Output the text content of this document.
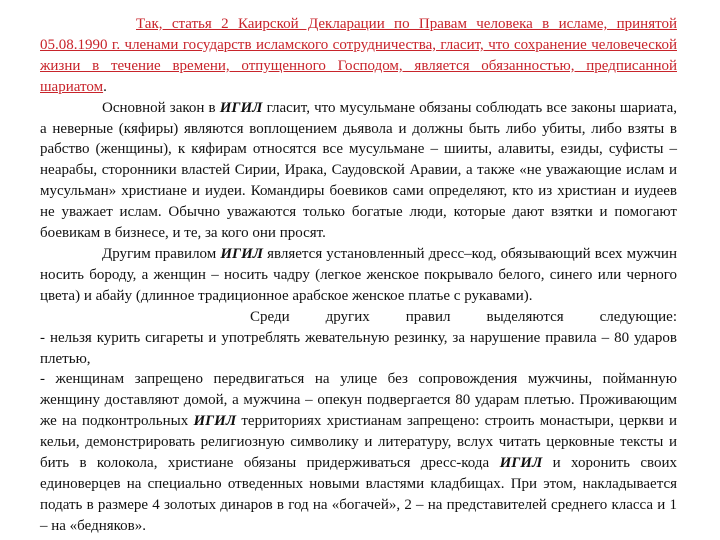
Так, статья 2 Каирской Декларации по Правам человека в исламе, принятой 05.08.1990 г. членами государств исламского сотрудничества, гласит, что сохранение человеческой жизни в течение времени, отпущенного Господом, является обязанностью, предписанной шариатом.

Основной закон в ИГИЛ гласит, что мусульмане обязаны соблюдать все законы шариата, а неверные (кяфиры) являются воплощением дьявола и должны быть либо убиты, либо взяты в рабство (женщины), к кяфирам относятся все мусульмане – шииты, алавиты, езиды, суфисты – неарабы, сторонники властей Сирии, Ирака, Саудовской Аравии, а также «не уважающие ислам и мусульман» христиане и иудеи. Командиры боевиков сами определяют, кто из христиан и иудеев не уважает ислам. Обычно уважаются только богатые люди, которые дают взятки и помогают боевикам в бизнесе, и те, за кого они просят.

Другим правилом ИГИЛ является установленный дресс–код, обязывающий всех мужчин носить бороду, а женщин – носить чадру (легкое женское покрывало белого, синего или черного цвета) и абайу (длинное традиционное арабское женское платье с рукавами).

Среди других правил выделяются следующие:

- нельзя курить сигареты и употреблять жевательную резинку, за нарушение правила – 80 ударов плетью,

- женщинам запрещено передвигаться на улице без сопровождения мужчины, пойманную женщину доставляют домой, а мужчина – опекун подвергается 80 ударам плетью. Проживающим же на подконтрольных ИГИЛ территориях христианам запрещено: строить монастыри, церкви и кельи, демонстрировать религиозную символику и литературу, вслух читать церковные тексты и бить в колокола, христиане обязаны придерживаться дресс-кода ИГИЛ и хоронить своих единоверцев на специально отведенных новыми властями кладбищах. При этом, накладывается подать в размере 4 золотых динаров в год на «богачей», 2 – на представителей среднего класса и 1 – на «бедняков».
